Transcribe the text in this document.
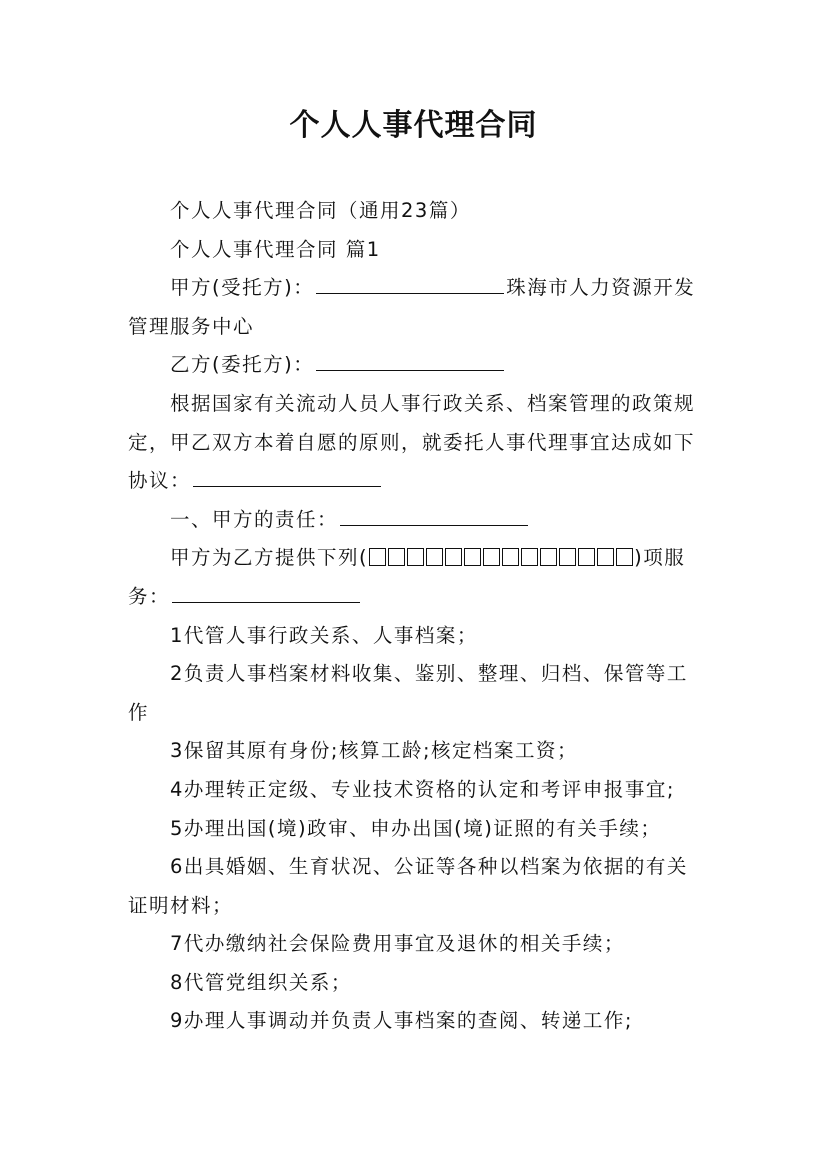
个人人事代理合同

个人人事代理合同（通用23篇）

个人人事代理合同 篇1

甲方(受托方)：	珠海市人力资源开发管理服务中心

乙方(委托方)：

根据国家有关流动人员人事行政关系、档案管理的政策规定，甲乙双方本着自愿的原则，就委托人事代理事宜达成如下协议：

一、甲方的责任：

甲方为乙方提供下列(	)项服务：

1代管人事行政关系、人事档案；

2负责人事档案材料收集、鉴别、整理、归档、保管等工作

3保留其原有身份;核算工龄;核定档案工资；

4办理转正定级、专业技术资格的认定和考评申报事宜;

5办理出国(境)政审、申办出国(境)证照的有关手续；

6出具婚姻、生育状况、公证等各种以档案为依据的有关证明材料；

7代办缴纳社会保险费用事宜及退休的相关手续；

8代管党组织关系；

9办理人事调动并负责人事档案的查阅、转递工作;
